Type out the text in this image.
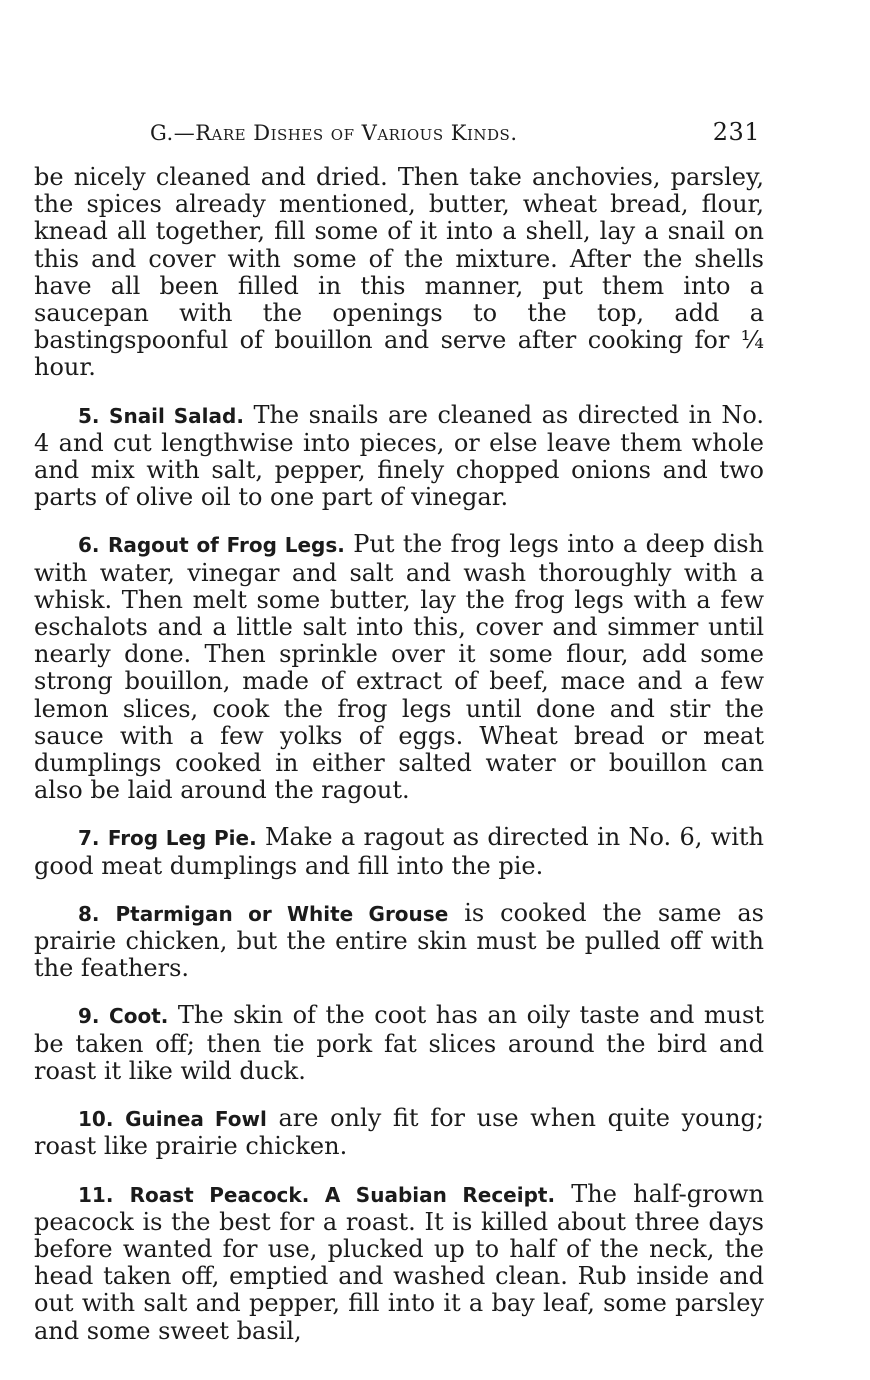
G.—Rare Dishes of Various Kinds.	231

be nicely cleaned and dried. Then take anchovies, parsley, the spices already mentioned, butter, wheat bread, flour, knead all together, fill some of it into a shell, lay a snail on this and cover with some of the mixture. After the shells have all been filled in this manner, put them into a saucepan with the openings to the top, add a bastingspoonful of bouillon and serve after cooking for ¼ hour.

5. Snail Salad. The snails are cleaned as directed in No. 4 and cut lengthwise into pieces, or else leave them whole and mix with salt, pepper, finely chopped onions and two parts of olive oil to one part of vinegar.

6. Ragout of Frog Legs. Put the frog legs into a deep dish with water, vinegar and salt and wash thoroughly with a whisk. Then melt some butter, lay the frog legs with a few eschalots and a little salt into this, cover and simmer until nearly done. Then sprinkle over it some flour, add some strong bouillon, made of extract of beef, mace and a few lemon slices, cook the frog legs until done and stir the sauce with a few yolks of eggs. Wheat bread or meat dumplings cooked in either salted water or bouillon can also be laid around the ragout.

7. Frog Leg Pie. Make a ragout as directed in No. 6, with good meat dumplings and fill into the pie.

8. Ptarmigan or White Grouse is cooked the same as prairie chicken, but the entire skin must be pulled off with the feathers.

9. Coot. The skin of the coot has an oily taste and must be taken off; then tie pork fat slices around the bird and roast it like wild duck.

10. Guinea Fowl are only fit for use when quite young; roast like prairie chicken.

11. Roast Peacock. A Suabian Receipt. The half-grown peacock is the best for a roast. It is killed about three days before wanted for use, plucked up to half of the neck, the head taken off, emptied and washed clean. Rub inside and out with salt and pepper, fill into it a bay leaf, some parsley and some sweet basil,
